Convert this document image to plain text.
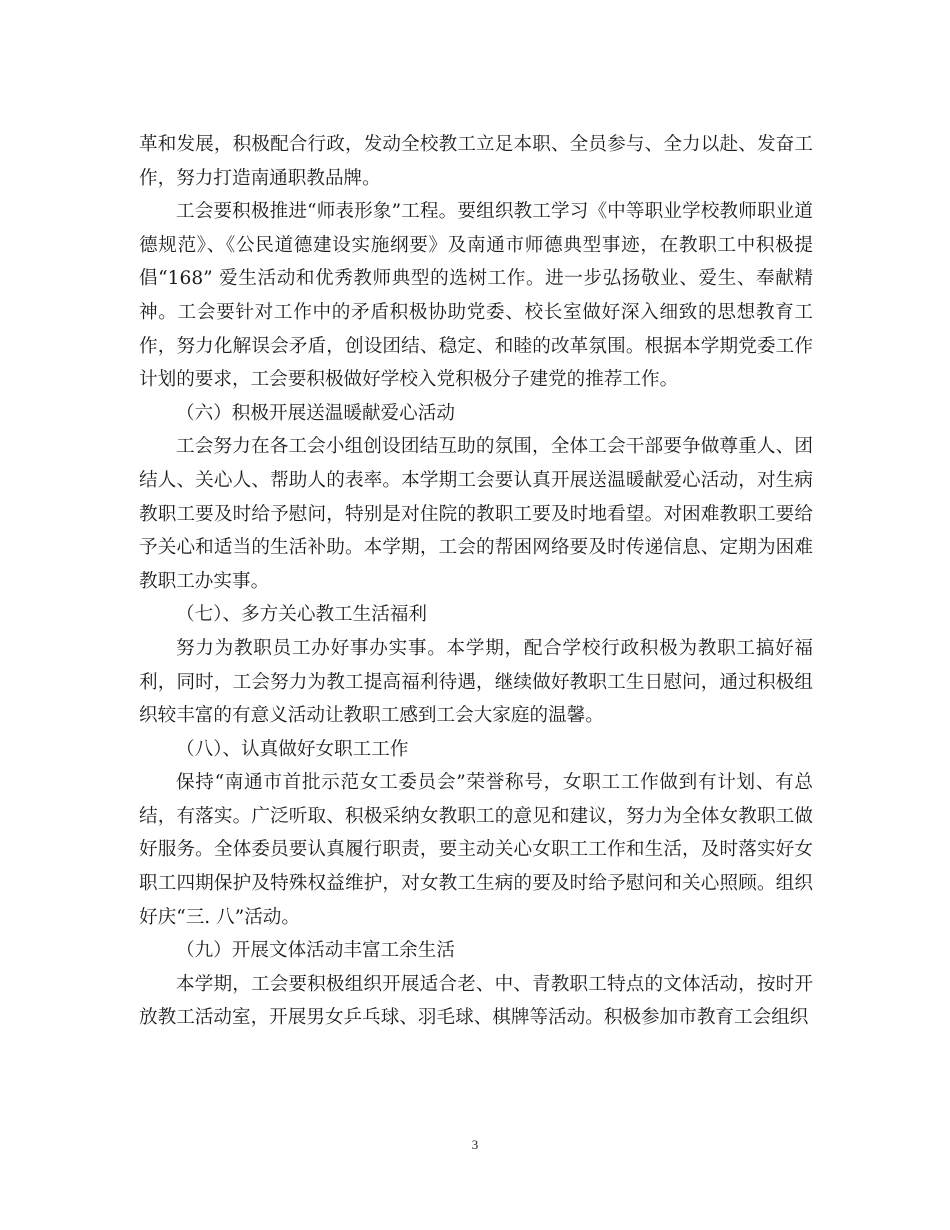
革和发展，积极配合行政，发动全校教工立足本职、全员参与、全力以赴、发奋工
作，努力打造南通职教品牌。

工会要积极推进“师表形象”工程。要组织教工学习《中等职业学校教师职业道
德规范》、《公民道德建设实施纲要》及南通市师德典型事迹，在教职工中积极提
倡“168” 爱生活动和优秀教师典型的选树工作。进一步弘扬敬业、爱生、奉献精
神。工会要针对工作中的矛盾积极协助党委、校长室做好深入细致的思想教育工
作，努力化解误会矛盾，创设团结、稳定、和睦的改革氛围。根据本学期党委工作
计划的要求，工会要积极做好学校入党积极分子建党的推荐工作。

（六）积极开展送温暖献爱心活动

工会努力在各工会小组创设团结互助的氛围，全体工会干部要争做尊重人、团
结人、关心人、帮助人的表率。本学期工会要认真开展送温暖献爱心活动，对生病
教职工要及时给予慰问，特别是对住院的教职工要及时地看望。对困难教职工要给
予关心和适当的生活补助。本学期，工会的帮困网络要及时传递信息、定期为困难
教职工办实事。

（七）、多方关心教工生活福利

努力为教职员工办好事办实事。本学期，配合学校行政积极为教职工搞好福
利，同时，工会努力为教工提高福利待遇，继续做好教职工生日慰问，通过积极组
织较丰富的有意义活动让教职工感到工会大家庭的温馨。

（八）、认真做好女职工工作

保持“南通市首批示范女工委员会”荣誉称号，女职工工作做到有计划、有总
结，有落实。广泛听取、积极采纳女教职工的意见和建议，努力为全体女教职工做
好服务。全体委员要认真履行职责，要主动关心女职工工作和生活，及时落实好女
职工四期保护及特殊权益维护，对女教工生病的要及时给予慰问和关心照顾。组织
好庆“三. 八”活动。

（九）开展文体活动丰富工余生活

本学期，工会要积极组织开展适合老、中、青教职工特点的文体活动，按时开
放教工活动室，开展男女乒乓球、羽毛球、棋牌等活动。积极参加市教育工会组织

3
